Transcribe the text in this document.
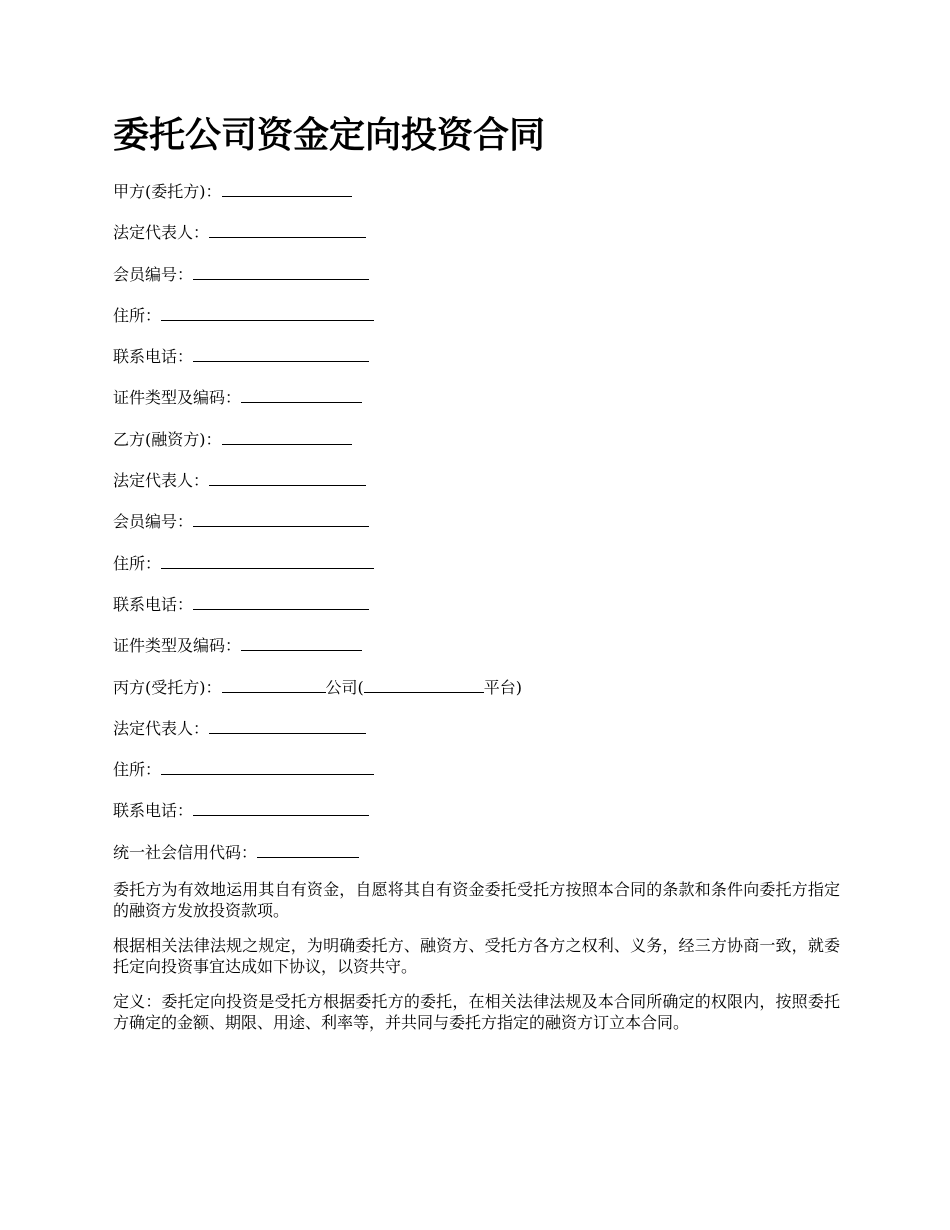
委托公司资金定向投资合同
甲方(委托方)：
法定代表人：
会员编号：
住所：
联系电话：
证件类型及编码：
乙方(融资方)：
法定代表人：
会员编号：
住所：
联系电话：
证件类型及编码：
丙方(受托方)：	公司(	平台)
法定代表人：
住所：
联系电话：
统一社会信用代码：

委托方为有效地运用其自有资金，自愿将其自有资金委托受托方按照本合同的条款和条件向委托方指定的融资方发放投资款项。

根据相关法律法规之规定，为明确委托方、融资方、受托方各方之权利、义务，经三方协商一致，就委托定向投资事宜达成如下协议，以资共守。

定义：委托定向投资是受托方根据委托方的委托，在相关法律法规及本合同所确定的权限内，按照委托方确定的金额、期限、用途、利率等，并共同与委托方指定的融资方订立本合同。
